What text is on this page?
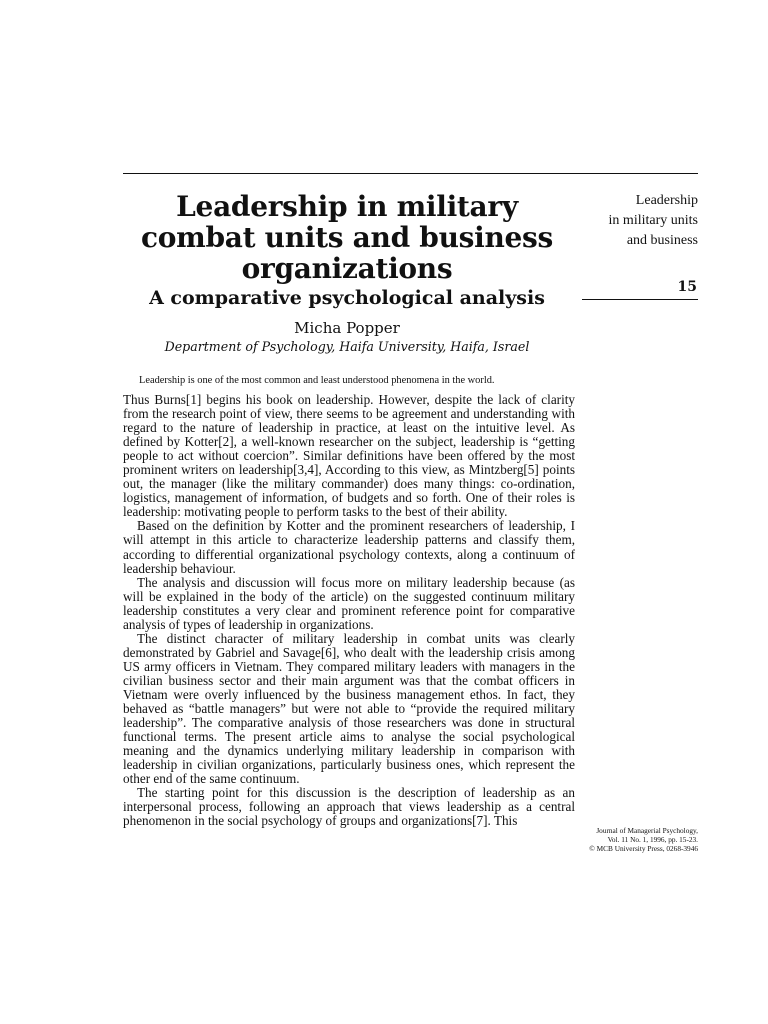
Leadership in military combat units and business organizations
A comparative psychological analysis
Micha Popper
Department of Psychology, Haifa University, Haifa, Israel
Leadership is one of the most common and least understood phenomena in the world.

Thus Burns[1] begins his book on leadership. However, despite the lack of clarity from the research point of view, there seems to be agreement and understanding with regard to the nature of leadership in practice, at least on the intuitive level. As defined by Kotter[2], a well-known researcher on the subject, leadership is “getting people to act without coercion”. Similar definitions have been offered by the most prominent writers on leadership[3,4], According to this view, as Mintzberg[5] points out, the manager (like the military commander) does many things: co-ordination, logistics, management of information, of budgets and so forth. One of their roles is leadership: motivating people to perform tasks to the best of their ability.

Based on the definition by Kotter and the prominent researchers of leadership, I will attempt in this article to characterize leadership patterns and classify them, according to differential organizational psychology contexts, along a continuum of leadership behaviour.

The analysis and discussion will focus more on military leadership because (as will be explained in the body of the article) on the suggested continuum military leadership constitutes a very clear and prominent reference point for comparative analysis of types of leadership in organizations.

The distinct character of military leadership in combat units was clearly demonstrated by Gabriel and Savage[6], who dealt with the leadership crisis among US army officers in Vietnam. They compared military leaders with managers in the civilian business sector and their main argument was that the combat officers in Vietnam were overly influenced by the business management ethos. In fact, they behaved as “battle managers” but were not able to “provide the required military leadership”. The comparative analysis of those researchers was done in structural functional terms. The present article aims to analyse the social psychological meaning and the dynamics underlying military leadership in comparison with leadership in civilian organizations, particularly business ones, which represent the other end of the same continuum.

The starting point for this discussion is the description of leadership as an interpersonal process, following an approach that views leadership as a central phenomenon in the social psychology of groups and organizations[7]. This

Leadership
in military units
and business
15
Journal of Managerial Psychology,
Vol. 11 No. 1, 1996, pp. 15-23.
© MCB University Press, 0268-3946
